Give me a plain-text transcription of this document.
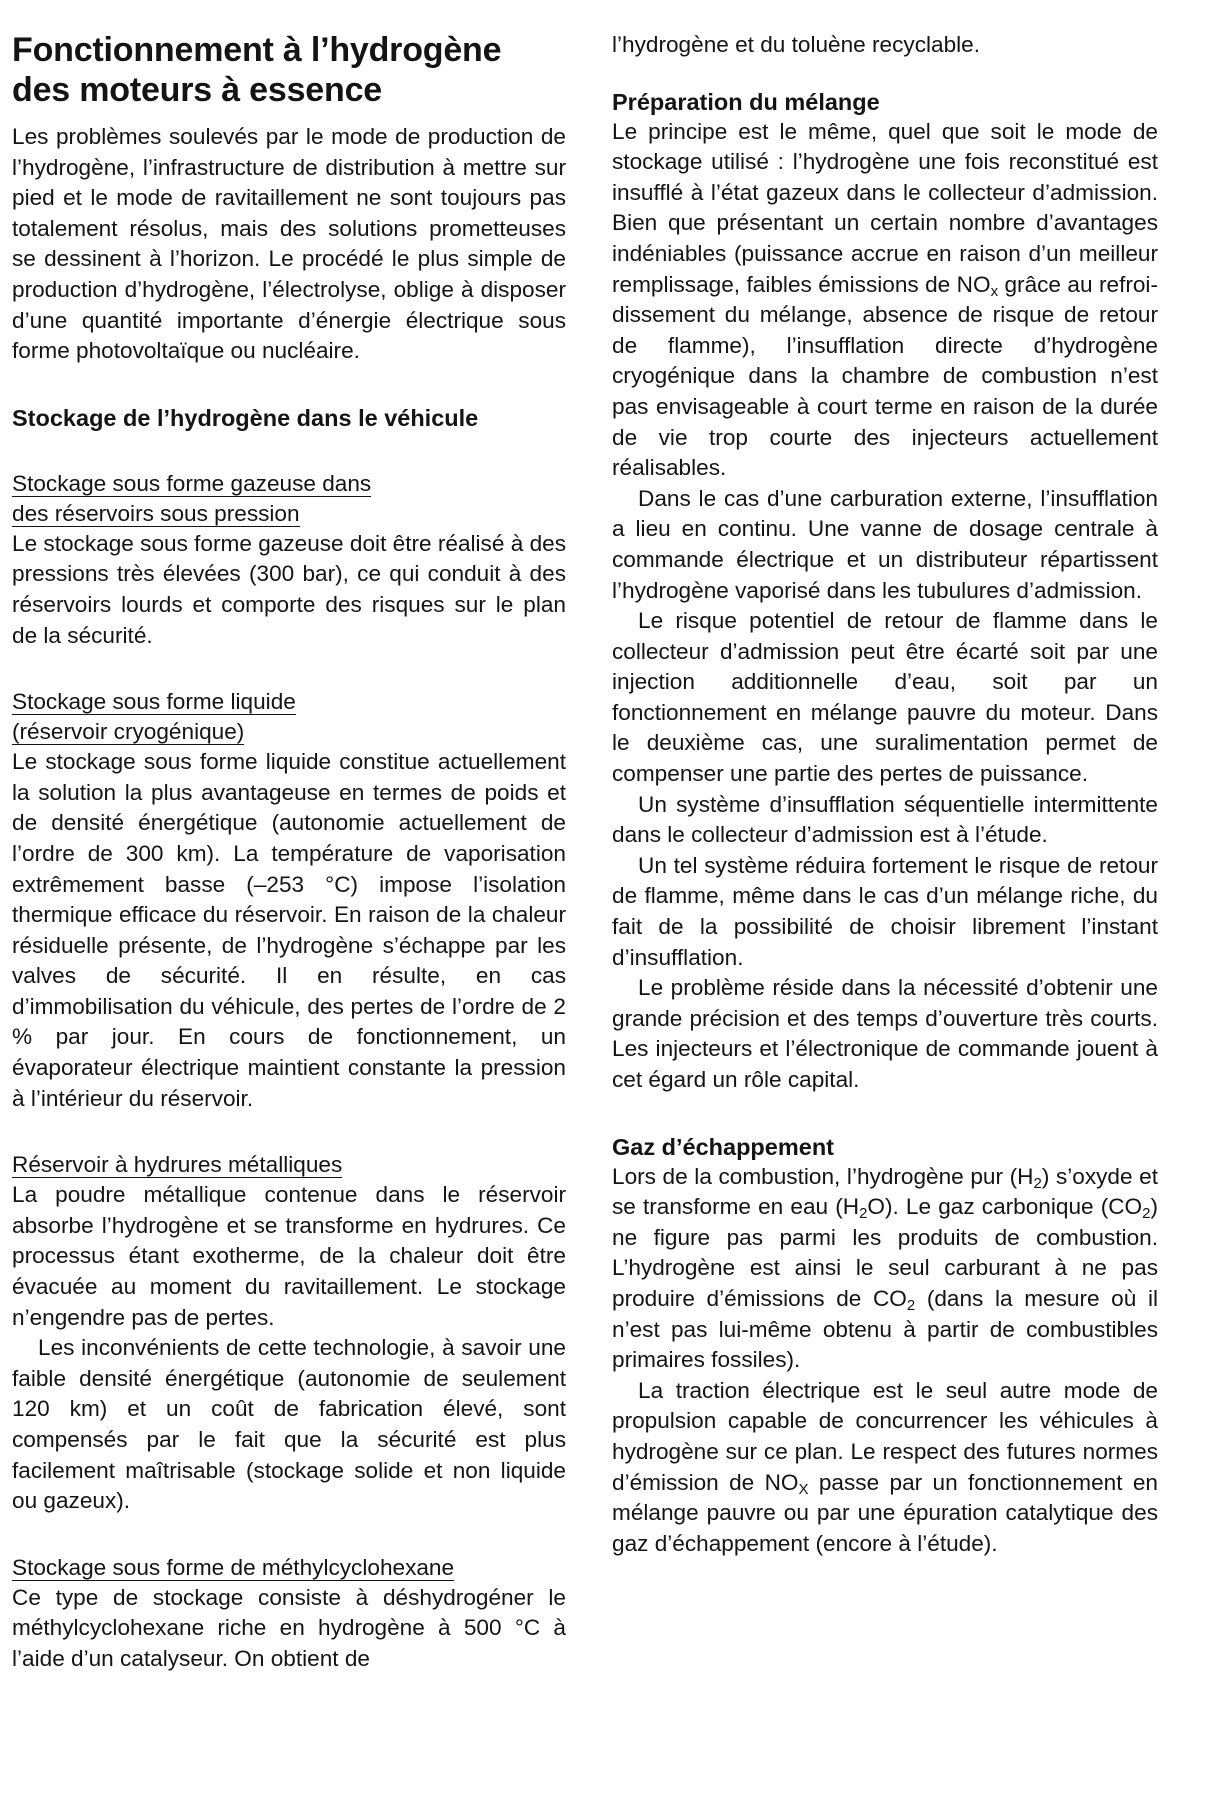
Fonctionnement à l’hydrogène des moteurs à essence

Les problèmes soulevés par le mode de production de l’hydrogène, l’infrastructure de distribution à mettre sur pied et le mode de ravitaillement ne sont toujours pas totalement résolus, mais des solutions prometteuses se dessinent à l’horizon. Le procédé le plus simple de production d’hydrogène, l’électrolyse, oblige à disposer d’une quantité importante d’énergie électrique sous forme photovoltaïque ou nucléaire.

Stockage de l’hydrogène dans le véhicule
Stockage sous forme gazeuse dans
des réservoirs sous pression

Le stockage sous forme gazeuse doit être réalisé à des pressions très élevées (300 bar), ce qui conduit à des réservoirs lourds et comporte des risques sur le plan de la sécurité.

Stockage sous forme liquide
(réservoir cryogénique)

Le stockage sous forme liquide constitue actuellement la solution la plus avantageuse en termes de poids et de densité énergétique (autonomie actuellement de l’ordre de 300 km). La température de vaporisation extrêmement basse (–253 °C) impose l’isolation thermique efficace du réservoir. En raison de la chaleur résiduelle présente, de l’hydrogène s’échappe par les valves de sécurité. Il en résulte, en cas d’immobilisation du véhicule, des pertes de l’ordre de 2 % par jour. En cours de fonctionnement, un évaporateur électrique maintient constante la pression à l’intérieur du réservoir.

Réservoir à hydrures métalliques

La poudre métallique contenue dans le réservoir absorbe l’hydrogène et se transforme en hydrures. Ce processus étant exotherme, de la chaleur doit être évacuée au moment du ravitaillement. Le stockage n’engendre pas de pertes.

Les inconvénients de cette technologie, à savoir une faible densité énergétique (autonomie de seulement 120 km) et un coût de fabrication élevé, sont compensés par le fait que la sécurité est plus facilement maîtrisable (stockage solide et non liquide ou gazeux).

Stockage sous forme de méthylcyclohexane

Ce type de stockage consiste à déshydrogéner le méthylcyclohexane riche en hydrogène à 500 °C à l’aide d’un catalyseur. On obtient de

l’hydrogène et du toluène recyclable.

Préparation du mélange

Le principe est le même, quel que soit le mode de stockage utilisé : l’hydrogène une fois reconstitué est insufflé à l’état gazeux dans le collecteur d’admission. Bien que présentant un certain nombre d’avantages indéniables (puissance accrue en raison d’un meilleur remplissage, faibles émissions de $NO_x$ grâce au refroidissement du mélange, absence de risque de retour de flamme), l’insufflation directe d’hydrogène cryogénique dans la chambre de combustion n’est pas envisageable à court terme en raison de la durée de vie trop courte des injecteurs actuellement réalisables.

Dans le cas d’une carburation externe, l’insufflation a lieu en continu. Une vanne de dosage centrale à commande électrique et un distributeur répartissent l’hydrogène vaporisé dans les tubulures d’admission.

Le risque potentiel de retour de flamme dans le collecteur d’admission peut être écarté soit par une injection additionnelle d’eau, soit par un fonctionnement en mélange pauvre du moteur. Dans le deuxième cas, une suralimentation permet de compenser une partie des pertes de puissance.

Un système d’insufflation séquentielle intermittente dans le collecteur d’admission est à l’étude.

Un tel système réduira fortement le risque de retour de flamme, même dans le cas d’un mélange riche, du fait de la possibilité de choisir librement l’instant d’insufflation.

Le problème réside dans la nécessité d’obtenir une grande précision et des temps d’ouverture très courts. Les injecteurs et l’électronique de commande jouent à cet égard un rôle capital.

Gaz d’échappement

Lors de la combustion, l’hydrogène pur $(H_2)$ s’oxyde et se transforme en eau $(H_2O)$. Le gaz carbonique $(CO_2)$ ne figure pas parmi les produits de combustion. L’hydrogène est ainsi le seul carburant à ne pas produire d’émissions de $CO_2$ (dans la mesure où il n’est pas lui-même obtenu à partir de combustibles primaires fossiles).

La traction électrique est le seul autre mode de propulsion capable de concurrencer les véhicules à hydrogène sur ce plan. Le respect des futures normes d’émission de $NO_X$ passe par un fonctionnement en mélange pauvre ou par une épuration catalytique des gaz d’échappement (encore à l’étude).
